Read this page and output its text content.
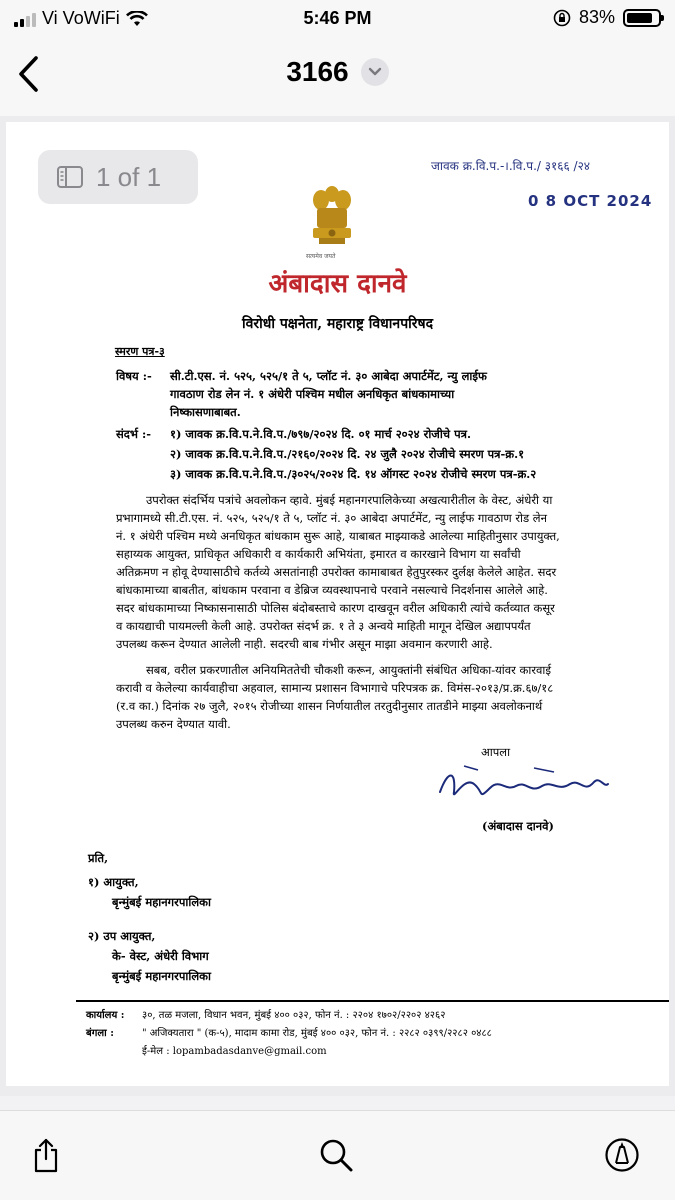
Vi VoWiFi	5:46 PM	83%
3166
जावक क्र.वि.प.-।.वि.प./ ३१६६ /२४
0 8 OCT 2024
सत्यमेव जयते
अंबादास दानवे
विरोधी पक्षनेता, महाराष्ट्र विधानपरिषद
स्मरण पत्र-३
विषय :- सी.टी.एस. नं. ५२५, ५२५/१ ते ५, प्लॉट नं. ३० आबेदा अपार्टमेंट, न्यु लाईफ
गावठाण रोड लेन नं. १ अंधेरी पश्चिम मधील अनधिकृत बांधकामाच्या
निष्कासणाबाबत.
संदर्भ :- १) जावक क्र.वि.प.ने.वि.प./७९७/२०२४ दि. ०१ मार्च २०२४ रोजीचे पत्र.
२) जावक क्र.वि.प.ने.वि.प./२१६०/२०२४ दि. २४ जुलै २०२४ रोजीचे स्मरण पत्र-क्र.१
३) जावक क्र.वि.प.ने.वि.प./३०२५/२०२४ दि. १४ ऑगस्ट २०२४ रोजीचे स्मरण पत्र-क्र.२
उपरोक्त संदर्भिय पत्रांचे अवलोकन व्हावे. मुंबई महानगरपालिकेच्या अखत्यारीतील के वेस्ट, अंधेरी या
प्रभागामध्ये सी.टी.एस. नं. ५२५, ५२५/१ ते ५, प्लॉट नं. ३० आबेदा अपार्टमेंट, न्यु लाईफ गावठाण रोड लेन
नं. १ अंधेरी पश्चिम मध्ये अनधिकृत बांधकाम सुरू आहे, याबाबत माझ्याकडे आलेल्या माहितीनुसार उपायुक्त,
सहाय्यक आयुक्त, प्राधिकृत अधिकारी व कार्यकारी अभियंता, इमारत व कारखाने विभाग या सर्वांची
अतिक्रमण न होवू देण्यासाठीचे कर्तव्ये असतांनाही उपरोक्त कामाबाबत हेतुपुरस्कर दुर्लक्ष केलेले आहेत. सदर
बांधकामाच्या बाबतीत, बांधकाम परवाना व डेब्रिज व्यवस्थापनाचे परवाने नसल्याचे निदर्शनास आलेले आहे.
सदर बांधकामाच्या निष्कासनासाठी पोलिस बंदोबस्ताचे कारण दाखवून वरील अधिकारी त्यांचे कर्तव्यात कसूर
व कायद्याची पायमल्ली केली आहे. उपरोक्त संदर्भ क्र. १ ते ३ अन्वये माहिती मागून देखिल अद्यापपर्यंत
उपलब्ध करून देण्यात आलेली नाही. सदरची बाब गंभीर असून माझा अवमान करणारी आहे.
सबब, वरील प्रकरणातील अनियमिततेची चौकशी करून, आयुक्तांनी संबंधित अधिका-यांवर कारवाई
करावी व केलेल्या कार्यवाहीचा अहवाल, सामान्य प्रशासन विभागाचे परिपत्रक क्र. विमंस-२०१३/प्र.क्र.६७/१८
(र.व का.) दिनांक २७ जुलै, २०१५ रोजीच्या शासन निर्णयातील तरतुदीनुसार तातडीने माझ्या अवलोकनार्थ
उपलब्ध करुन देण्यात यावी.
आपला
(अंबादास दानवे)
प्रति,
१) आयुक्त,
बृन्मुंबई महानगरपालिका
२) उप आयुक्त,
के- वेस्ट, अंधेरी विभाग
बृन्मुंबई महानगरपालिका
कार्यालय : ३०, तळ मजला, विधान भवन, मुंबई ४०० ०३२, फोन नं. : २२०४ १७०२/२२०२ ४२६२
बंगला :	" अजिक्यतारा " (क-५), मादाम कामा रोड, मुंबई ४०० ०३२, फोन नं. : २२८२ ०३९९/२२८२ ०४८८
ई-मेल : lopambadasdanve@gmail.com
1 of 1
